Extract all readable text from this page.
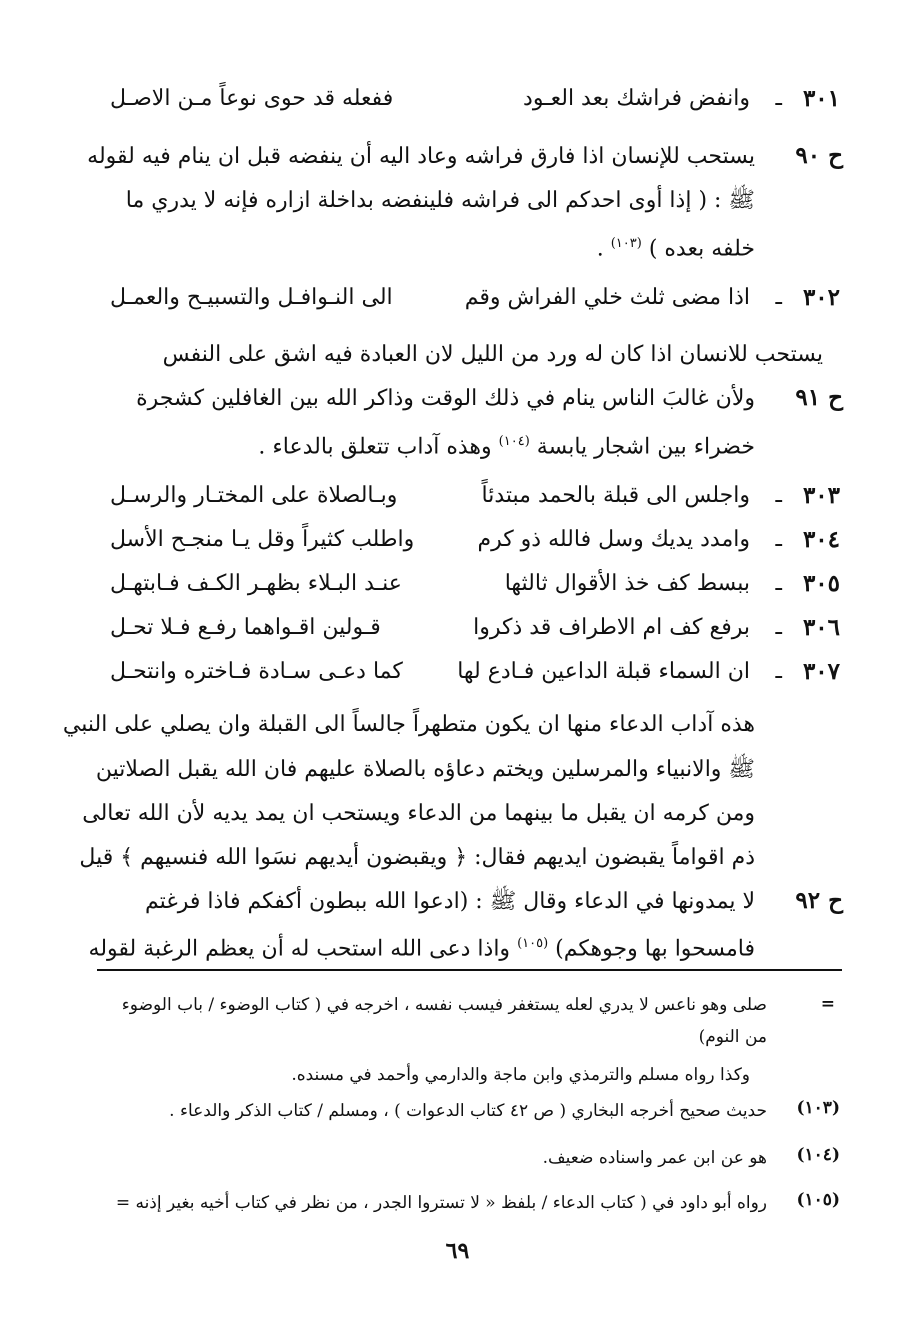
٣٠١
ـ
وانفض فراشك بعد العـود
ففعله قد حوى نوعاً مـن الاصـل
ح ٩٠
يستحب للإنسان اذا فارق فراشه وعاد اليه أن ينفضه قبل ان ينام فيه لقوله
ﷺ : ( إذا أوى احدكم الى فراشه فلينفضه بداخلة ازاره فإنه لا يدري ما
خلفه بعده ) $^{(١٠٣)}$ .
٣٠٢
ـ
اذا مضى ثلث خلي الفراش وقم
الى النـوافـل والتسبيـح والعمـل
يستحب للانسان اذا كان له ورد من الليل لان العبادة فيه اشق على النفس
ح ٩١
ولأن غالبَ الناس ينام في ذلك الوقت وذاكر الله بين الغافلين كشجرة
خضراء بين اشجار يابسة $^{(١٠٤)}$ وهذه آداب تتعلق بالدعاء .
٣٠٣
ـ
واجلس الى قبلة بالحمد مبتدئاً
وبـالصلاة على المختـار والرسـل
٣٠٤
ـ
وامدد يديك وسل فالله ذو كرم
واطلب كثيراً وقل يـا منجـح الأسل
٣٠٥
ـ
ببسط كف خذ الأقوال ثالثها
عنـد البـلاء بظهـر الكـف فـابتهـل
٣٠٦
ـ
برفع كف ام الاطراف قد ذكروا
قـولين اقـواهما رفـع فـلا تحـل
٣٠٧
ـ
ان السماء قبلة الداعين فـادع لها
كما دعـى سـادة فـاختره وانتحـل
هذه آداب الدعاء منها ان يكون متطهراً جالساً الى القبلة وان يصلي على النبي
ﷺ والانبياء والمرسلين ويختم دعاؤه بالصلاة عليهم فان الله يقبل الصلاتين
ومن كرمه ان يقبل ما بينهما من الدعاء ويستحب ان يمد يديه لأن الله تعالى
ذم اقواماً يقبضون ايديهم فقال: ﴿ ويقبضون أيديهم نسَوا الله فنسيهم ﴾ قيل
ح ٩٢
لا يمدونها في الدعاء وقال ﷺ : (ادعوا الله ببطون أكفكم فاذا فرغتم
فامسحوا بها وجوهكم) $^{(١٠٥)}$ واذا دعى الله استحب له أن يعظم الرغبة لقوله
=
صلى وهو ناعس لا يدري لعله يستغفر فيسب نفسه ، اخرجه في ( كتاب الوضوء / باب الوضوء
من النوم)
وكذا رواه مسلم والترمذي وابن ماجة والدارمي وأحمد في مسنده.
(١٠٣)
حديث صحيح أخرجه البخاري ( ص ٤٢ كتاب الدعوات ) ، ومسلم / كتاب الذكر والدعاء .
(١٠٤)
هو عن ابن عمر واسناده ضعيف.
(١٠٥)
رواه أبو داود في ( كتاب الدعاء / بلفظ « لا تستروا الجدر ، من نظر في كتاب أخيه بغير إذنه =
٦٩
